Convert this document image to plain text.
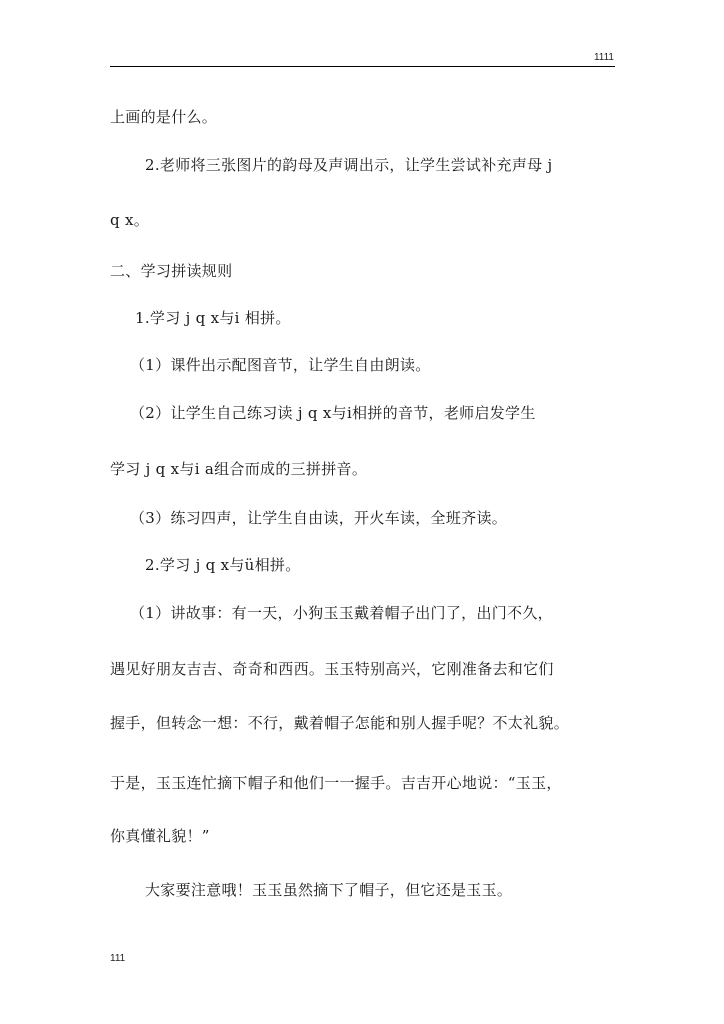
1111
上画的是什么。
2.老师将三张图片的韵母及声调出示，让学生尝试补充声母 j
q x。
二、学习拼读规则
1.学习 j q x与i 相拼。
（1）课件出示配图音节，让学生自由朗读。
（2）让学生自己练习读 j q x与i相拼的音节，老师启发学生
学习 j q x与i a组合而成的三拼拼音。
（3）练习四声，让学生自由读，开火车读，全班齐读。
2.学习 j q x与ü相拼。
（1）讲故事：有一天，小狗玉玉戴着帽子出门了，出门不久，
遇见好朋友吉吉、奇奇和西西。玉玉特别高兴，它刚准备去和它们
握手，但转念一想：不行，戴着帽子怎能和别人握手呢？不太礼貌。
于是，玉玉连忙摘下帽子和他们一一握手。吉吉开心地说：“玉玉，
你真懂礼貌！”
大家要注意哦！玉玉虽然摘下了帽子，但它还是玉玉。
111
